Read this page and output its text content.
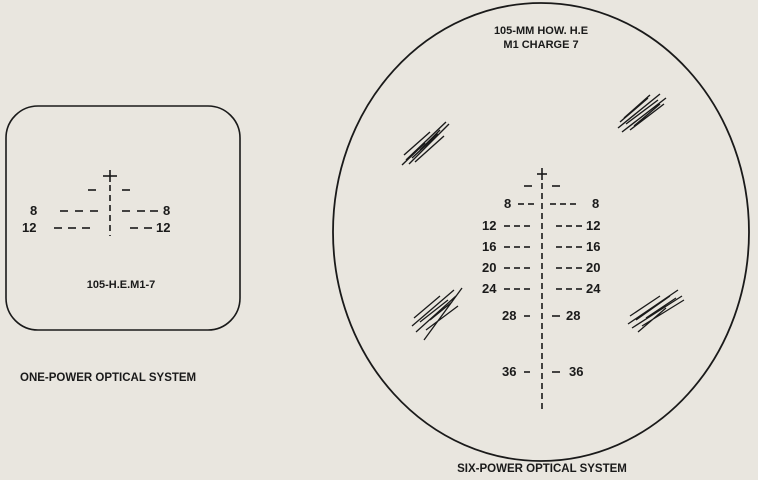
8	8
12	12
105-H.E.M1-7
ONE-POWER OPTICAL SYSTEM
105-MM HOW. H.E
M1 CHARGE 7
8	8
12	12
16	16
20	20
24	24
28	28
36	36
SIX-POWER OPTICAL SYSTEM
